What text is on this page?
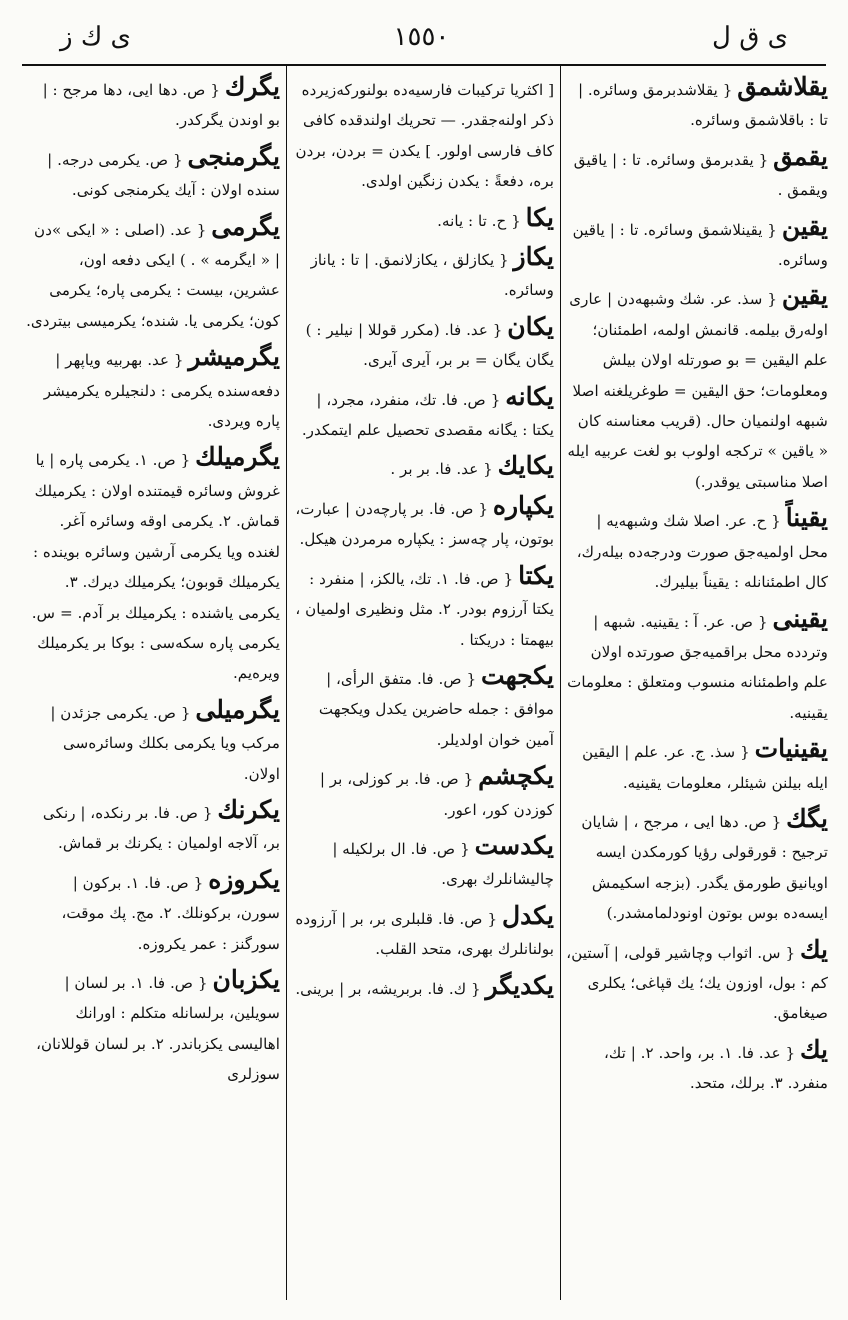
ی ق ل
١٥٥٠
ی ك ز
يقلاشمق { يقلاشدبرمق وسائره. | تا : باقلاشمق وسائره.
يقمق { يقدبرمق وسائره. تا : | ياقيق ويقمق .
يقين { يقينلاشمق وسائره. تا : | ياقين وسائره.
يقين { سذ. عر. شك وشبهه‌دن | عاری اولەرق بيلمه. قانمش اولمه، اطمئنان؛ علم اليقين = بو صورتله اولان بيلش ومعلومات؛ حق اليقين = طوغريلغنه اصلا شبهه اولنميان حال. (قريب معناسنه كان « ياقين » تركجه اولوب بو لغت عربيه ايله اصلا مناسبتی يوقدر.)
يقيناً { ح. عر. اصلا شك وشبهه‌يه | محل اولميه‌جق صورت ودرجه‌ده بيله‌رك، كال اطمئنانله : يقيناً بيليرك.
يقينی { ص. عر. آ : يقينيه. شبهه | وترددە محل براقميه‌جق صورتده اولان علم واطمئنانه منسوب ومتعلق : معلومات يقينيه.
يقينيات { سذ. ج. عر. علم | اليقين ايله بيلنن شيئلر، معلومات يقينيه.
يگك { ص. دها ايی ، مرجح ، | شايان ترجيح : قورقولی رؤيا كورمكدن ايسه اويانيق طورمق يگدر. (بزجه اسكيمش ايسه‌ده بوس بوتون اونودلمامشدر.)
يك { س. اثواب وچاشير قولی، | آستين، كم : بول، اوزون يك؛ يك قپاغی؛ يكلری صيغامق.
يك { عد. فا. ١. بر، واحد. ٢. | تك، منفرد. ٣. برلك، متحد.
[ اكثريا تركيبات فارسيه‌ده بولنوركه‌زيرده ذكر اولنه‌جقدر. — تحريك اولندقده كافی كاف فارسی اولور. ] يكدن = بردن، بردن بره، دفعةً : يكدن زنگين اولدی.
يكا { ح. تا : يانه.
يكاز { يكازلق ، يكازلانمق. | تا : ياناز وسائره.
يكان { عد. فا. (مكرر قوللا | نيلير : ) يگان يگان = بر بر، آيری آيری.
يكانه { ص. فا. تك، منفرد، مجرد، | يكتا : يگانه مقصدی تحصيل علم ايتمكدر.
يكايك { عد. فا. بر بر .
يكپاره { ص. فا. بر پارچه‌دن | عبارت، بوتون، پار چه‌سز : يكپاره مرمردن هيكل.
يكتا { ص. فا. ١. تك، يالكز، | منفرد : يكتا آرزوم بودر. ٢. مثل ونظيری اولميان ، بيهمتا : دريكتا .
يكجهت { ص. فا. متفق الرأی، | موافق : جمله حاضرين يكدل ويكجهت آمين خوان اولديلر.
يكچشم { ص. فا. بر كوزلی، بر | كوزدن كور، اعور.
يكدست { ص. فا. ال برلكيله | چاليشانلرك بهری.
يكدل { ص. فا. قلبلری بر، بر | آرزوده بولنانلرك بهری، متحد القلب.
يكديگر { ك. فا. بربريشه، بر | برينی.
يگرك { ص. دها ايی، دها مرجح : | بو اوندن يگركدر.
يگرمنجی { ص. يكرمی درجه. | سنده اولان : آيك يكرمنجی كونی.
يگرمی { عد. (اصلی : « ايكی »دن | « ايگرمه » . ) ايكی دفعه اون، عشرين، بيست : يكرمی پاره؛ يكرمی كون؛ يكرمی يا. شنده؛ يكرميسی بيتردی.
يگرميشر { عد. بهربيه وياپهر | دفعه‌سنده يكرمی : دلنجيلره يكرميشر پاره ويردی.
يگرميلك { ص. ١. يكرمی پاره | يا غروش وسائره قيمتنده اولان : يكرميلك قماش. ٢. يكرمی اوقه وسائره آغر. لغنده ويا يكرمی آرشين وسائره بوينده : يكرميلك قوبون؛ يكرميلك ديرك. ٣. يكرمی ياشنده : يكرميلك بر آدم. = س. يكرمی پاره سكه‌سی : بوكا بر يكرميلك ويره‌يم.
يگرميلی { ص. يكرمی جزئدن | مركب ويا يكرمی بكلك وسائره‌سی اولان.
يكرنك { ص. فا. بر رنكده، | رنكی بر، آلاجه اولميان : يكرنك بر قماش.
يكروزه { ص. فا. ١. بركون | سورن، بركونلك. ٢. مج. پك موقت، سورگنز : عمر يكروزه.
يكزبان { ص. فا. ١. بر لسان | سويلين، برلسانله متكلم : اورانك اهاليسی يكزباندر. ٢. بر لسان قوللانان، سوزلری
